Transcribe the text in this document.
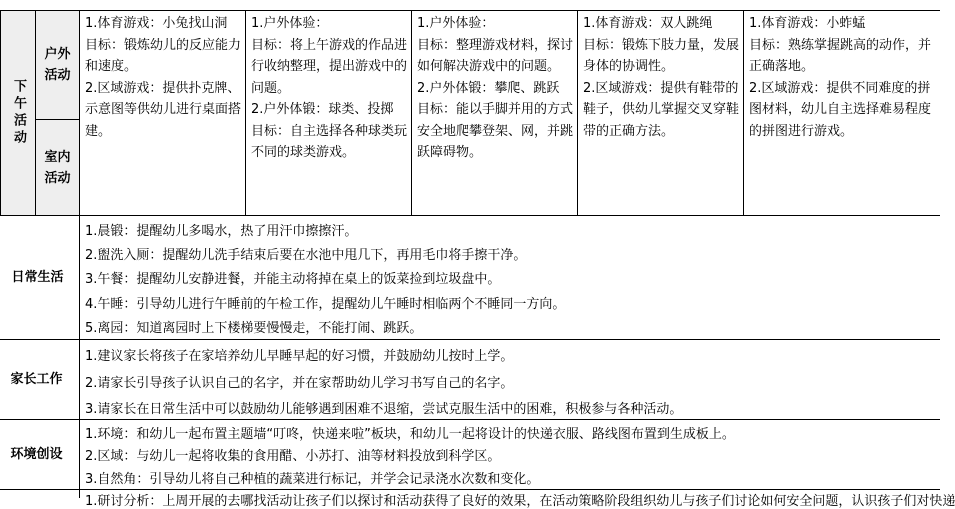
下午活动
户外活动
室内活动
1.体育游戏：小兔找山洞
目标：锻炼幼儿的反应能力和速度。
2.区域游戏：提供扑克牌、示意图等供幼儿进行桌面搭建。
1.户外体验：
目标：将上午游戏的作品进行收纳整理，提出游戏中的问题。
2.户外体锻：球类、投掷
目标：自主选择各种球类玩不同的球类游戏。
1.户外体验：
目标：整理游戏材料，探讨如何解决游戏中的问题。
2.户外体锻：攀爬、跳跃
目标：能以手脚并用的方式安全地爬攀登架、网，并跳跃障碍物。
1.体育游戏：双人跳绳
目标：锻炼下肢力量，发展身体的协调性。
2.区域游戏：提供有鞋带的鞋子，供幼儿掌握交叉穿鞋带的正确方法。
1.体育游戏：小蚱蜢
目标：熟练掌握跳高的动作，并正确落地。
2.区域游戏：提供不同难度的拼图材料，幼儿自主选择难易程度的拼图进行游戏。
日常生活
1.晨锻：提醒幼儿多喝水，热了用汗巾擦擦汗。
2.盥洗入厕：提醒幼儿洗手结束后要在水池中甩几下，再用毛巾将手擦干净。
3.午餐：提醒幼儿安静进餐，并能主动将掉在桌上的饭菜捡到垃圾盘中。
4.午睡：引导幼儿进行午睡前的午检工作，提醒幼儿午睡时相临两个不睡同一方向。
5.离园：知道离园时上下楼梯要慢慢走，不能打闹、跳跃。
家长工作
1.建议家长将孩子在家培养幼儿早睡早起的好习惯，并鼓励幼儿按时上学。
2.请家长引导孩子认识自己的名字，并在家帮助幼儿学习书写自己的名字。
3.请家长在日常生活中可以鼓励幼儿能够遇到困难不退缩，尝试克服生活中的困难，积极参与各种活动。
环境创设
1.环境：和幼儿一起布置主题墙“叮咚，快递来啦”板块，和幼儿一起将设计的快递衣服、路线图布置到生成板上。
2.区域：与幼儿一起将收集的食用醋、小苏打、油等材料投放到科学区。
3.自然角：引导幼儿将自己种植的蔬菜进行标记，并学会记录浇水次数和变化。
1.研讨分析：上周开展的去哪找活动让孩子们以探讨和活动获得了良好的效果，在活动策略阶段组织幼儿与孩子们讨论如何安全问题，认识孩子们对快递
